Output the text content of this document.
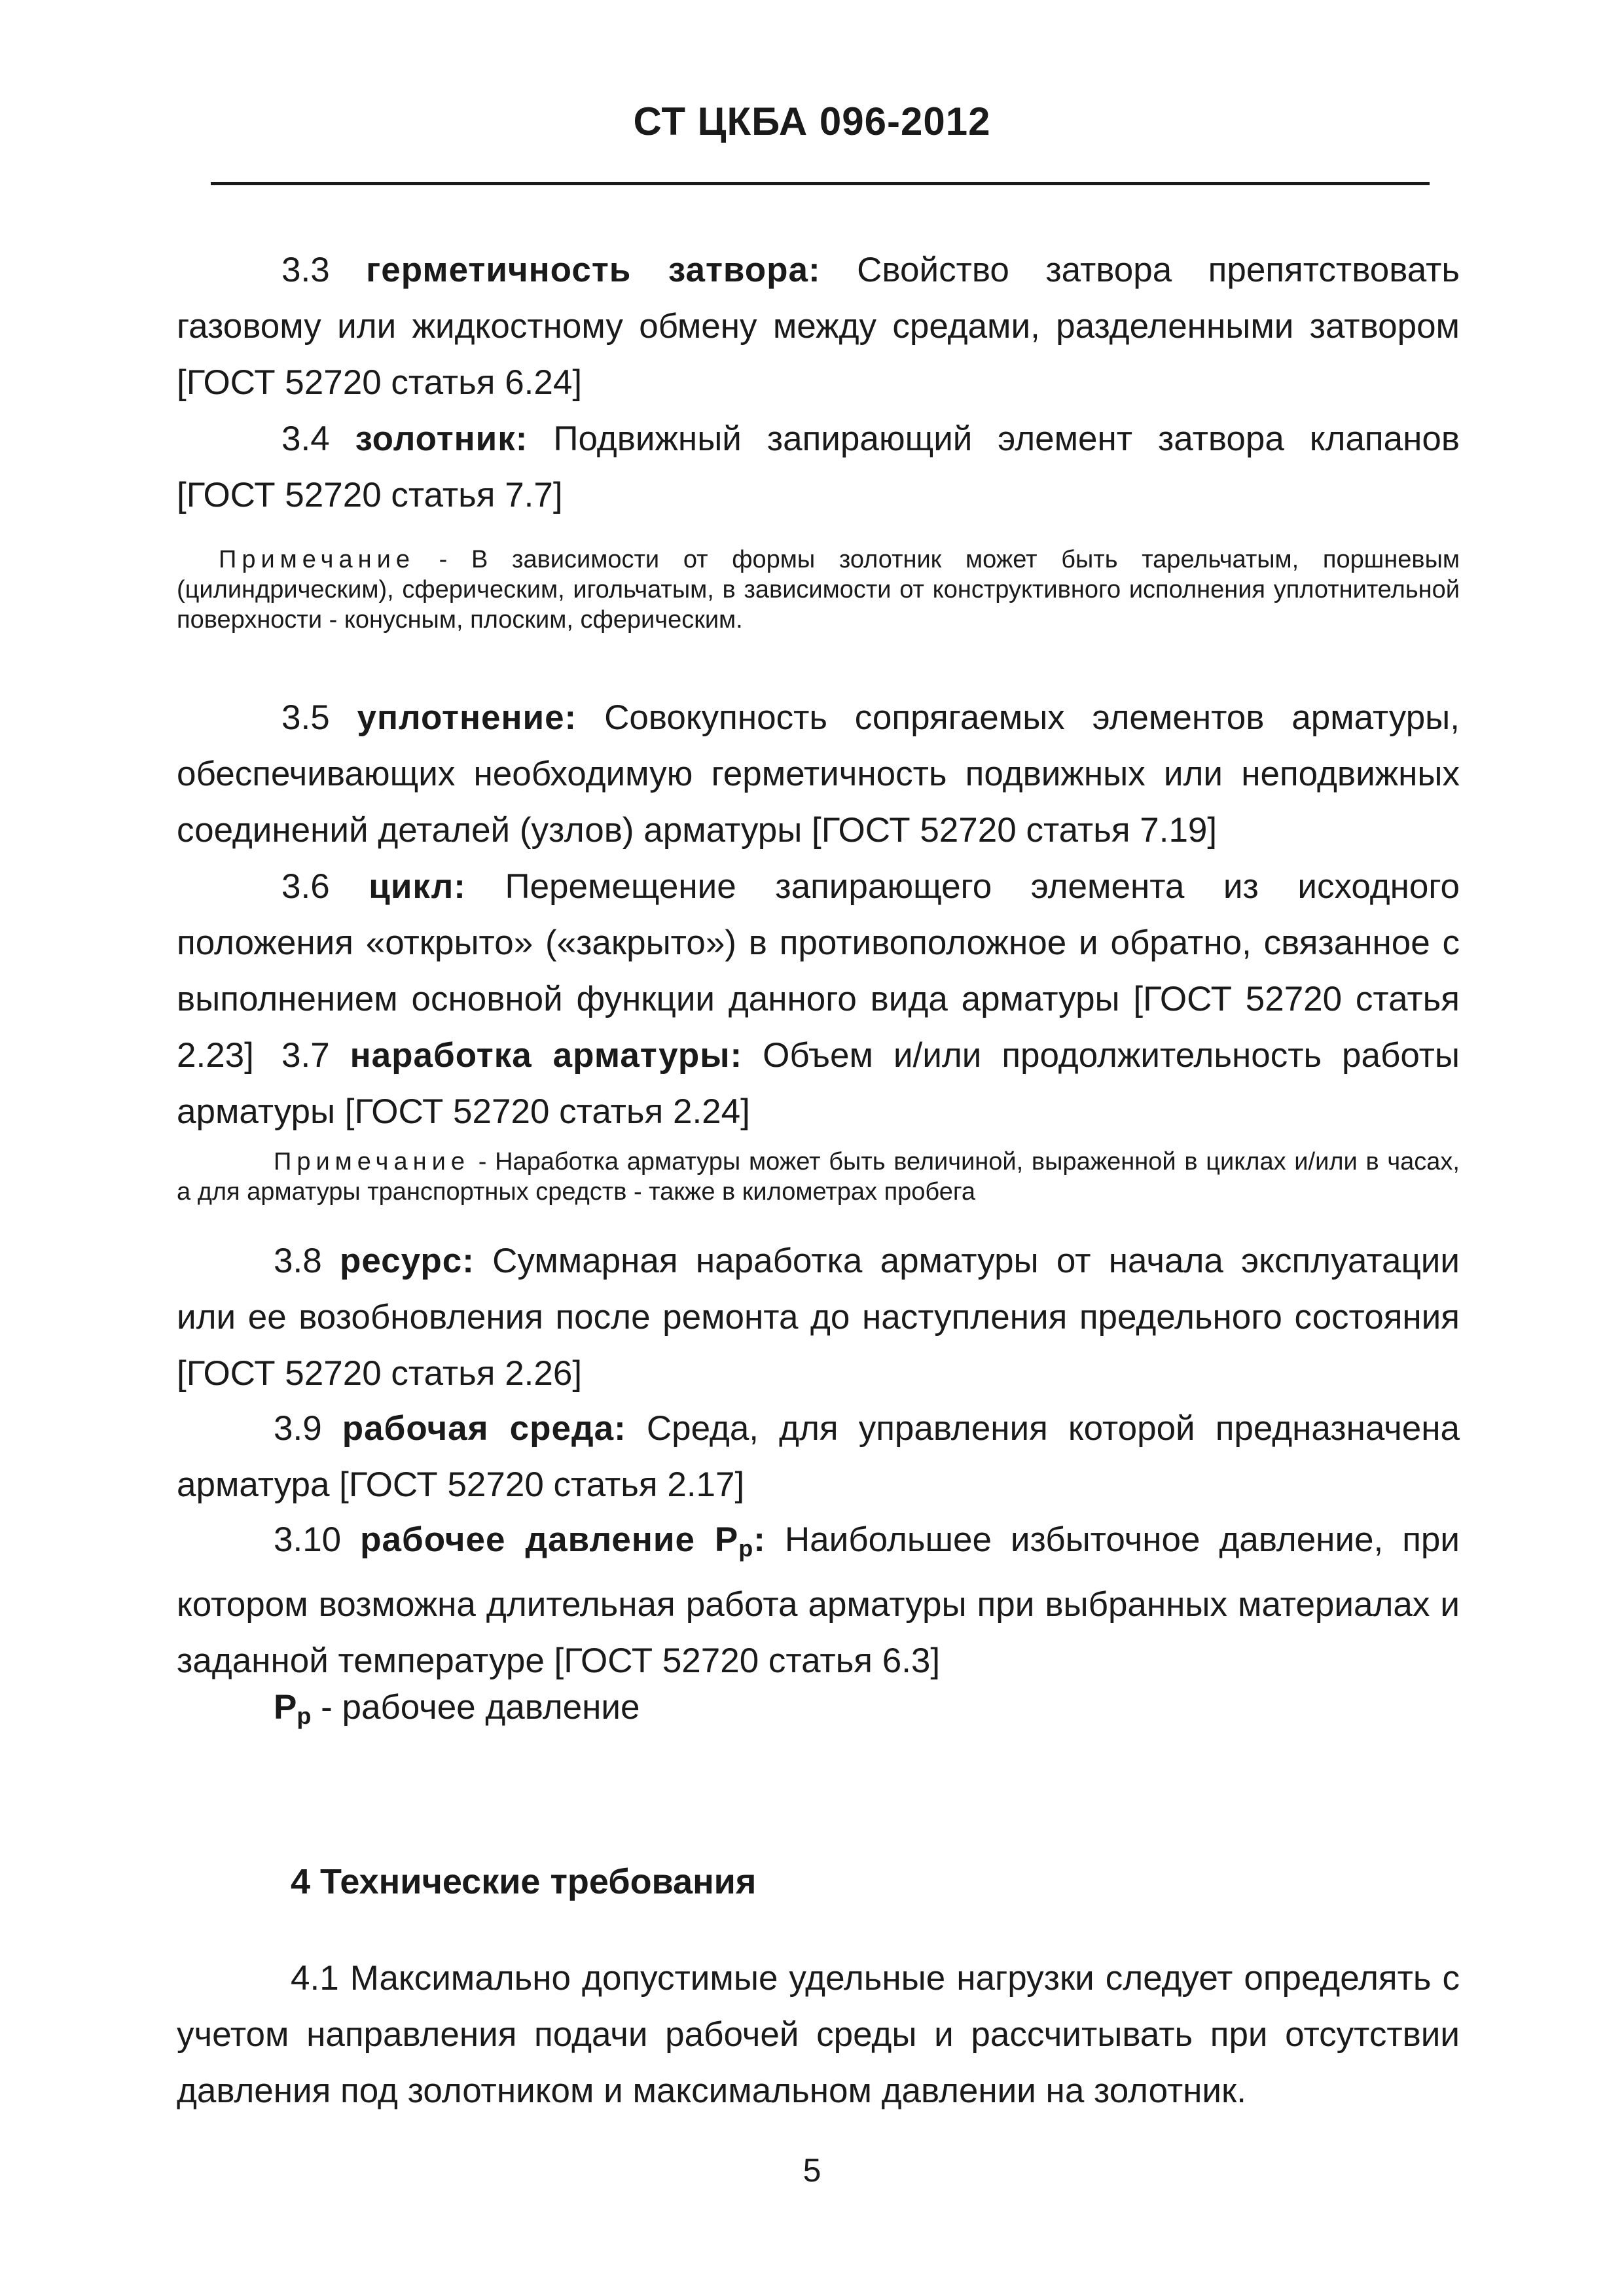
СТ ЦКБА 096-2012
3.3 герметичность затвора: Свойство затвора препятствовать газовому или жидкостному обмену между средами, разделенными затвором [ГОСТ 52720 статья 6.24]
3.4 золотник: Подвижный запирающий элемент затвора клапанов [ГОСТ 52720 статья 7.7]
Примечание - В зависимости от формы золотник может быть тарельчатым, поршневым (цилиндрическим), сферическим, игольчатым, в зависимости от конструктивного исполнения уплотнительной поверхности - конусным, плоским, сферическим.
3.5 уплотнение: Совокупность сопрягаемых элементов арматуры, обеспечивающих необходимую герметичность подвижных или неподвижных соединений деталей (узлов) арматуры [ГОСТ 52720 статья 7.19]
3.6 цикл: Перемещение запирающего элемента из исходного положения «открыто» («закрыто») в противоположное и обратно, связанное с выполнением основной функции данного вида арматуры [ГОСТ 52720 статья 2.23] 3.7 наработка арматуры: Объем и/или продолжительность работы арматуры [ГОСТ 52720 статья 2.24]
Примечание - Наработка арматуры может быть величиной, выраженной в циклах и/или в часах, а для арматуры транспортных средств - также в километрах пробега
3.8 ресурс: Суммарная наработка арматуры от начала эксплуатации или ее возобновления после ремонта до наступления предельного состояния [ГОСТ 52720 статья 2.26]
3.9 рабочая среда: Среда, для управления которой предназначена арматура [ГОСТ 52720 статья 2.17]
3.10 рабочее давление $P_р$: Наибольшее избыточное давление, при котором возможна длительная работа арматуры при выбранных материалах и заданной температуре [ГОСТ 52720 статья 6.3]
$P_р$ - рабочее давление
4 Технические требования
4.1 Максимально допустимые удельные нагрузки следует определять с учетом направления подачи рабочей среды и рассчитывать при отсутствии давления под золотником и максимальном давлении на золотник.
5
